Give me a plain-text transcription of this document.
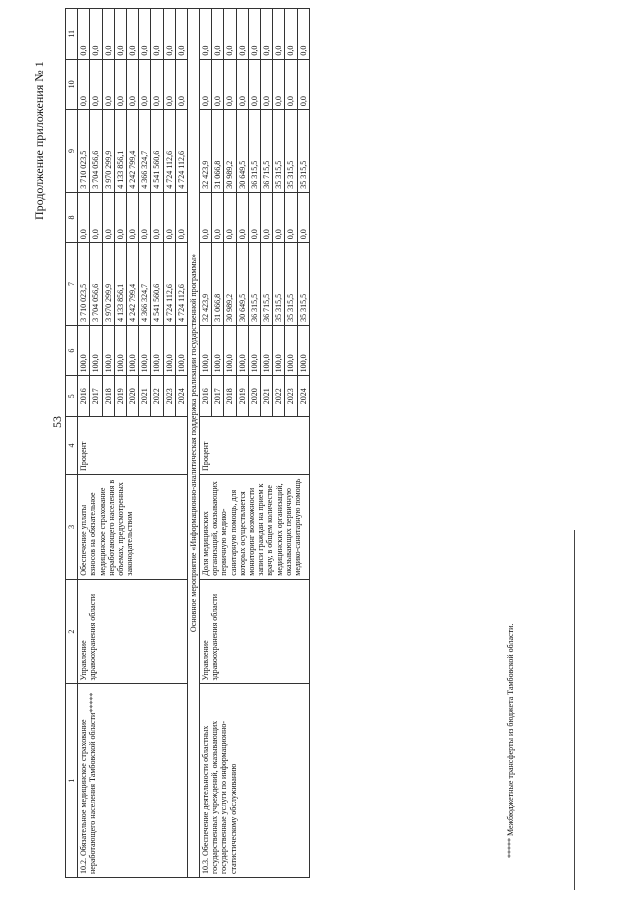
53
Продолжение приложения № 1
1	2	3	4	5	6	7	8	9	10	11
10.2. Обязательное медицинское страхование неработающего населения Тамбовской области*****	Управление здравоохранения области	Обеспечение уплаты взносов на обязательное медицинское страхование неработающего населения в объемах, предусмотренных законодательством	Процент	2016	100,0	3 710 023,5	0,0	3 710 023,5	0,0	0,0
				2017	100,0	3 704 056,6	0,0	3 704 056,6	0,0	0,0
				2018	100,0	3 970 299,9	0,0	3 970 299,9	0,0	0,0
				2019	100,0	4 133 856,1	0,0	4 133 856,1	0,0	0,0
				2020	100,0	4 242 799,4	0,0	4 242 799,4	0,0	0,0
				2021	100,0	4 366 324,7	0,0	4 366 324,7	0,0	0,0
				2022	100,0	4 541 560,6	0,0	4 541 560,6	0,0	0,0
				2023	100,0	4 724 112,6	0,0	4 724 112,6	0,0	0,0
				2024	100,0	4 724 112,6	0,0	4 724 112,6	0,0	0,0
Основное мероприятие «Информационно-аналитическая поддержка реализации государственной программы»										
10.3. Обеспечение деятельности областных государственных учреждений, оказывающих государственные услуги по информационно-статистическому обслуживанию	Управление здравоохранения области	Доля медицинских организаций, оказывающих первичную медико-санитарную помощь, для которых осуществляется мониторинг возможности записи граждан на прием к врачу, в общем количестве медицинских организаций, оказывающих первичную медико-санитарную помощь	Процент	2016	100,0	32 423,9	0,0	32 423,9	0,0	0,0
				2017	100,0	31 066,8	0,0	31 066,8	0,0	0,0
				2018	100,0	30 989,2	0,0	30 989,2	0,0	0,0
				2019	100,0	30 649,5	0,0	30 649,5	0,0	0,0
				2020	100,0	36 315,5	0,0	36 315,5	0,0	0,0
				2021	100,0	36 715,5	0,0	36 715,5	0,0	0,0
				2022	100,0	35 315,5	0,0	35 315,5	0,0	0,0
				2023	100,0	35 315,5	0,0	35 315,5	0,0	0,0
				2024	100,0	35 315,5	0,0	35 315,5	0,0	0,0
***** Межбюджетные трансферты из бюджета Тамбовской области.
